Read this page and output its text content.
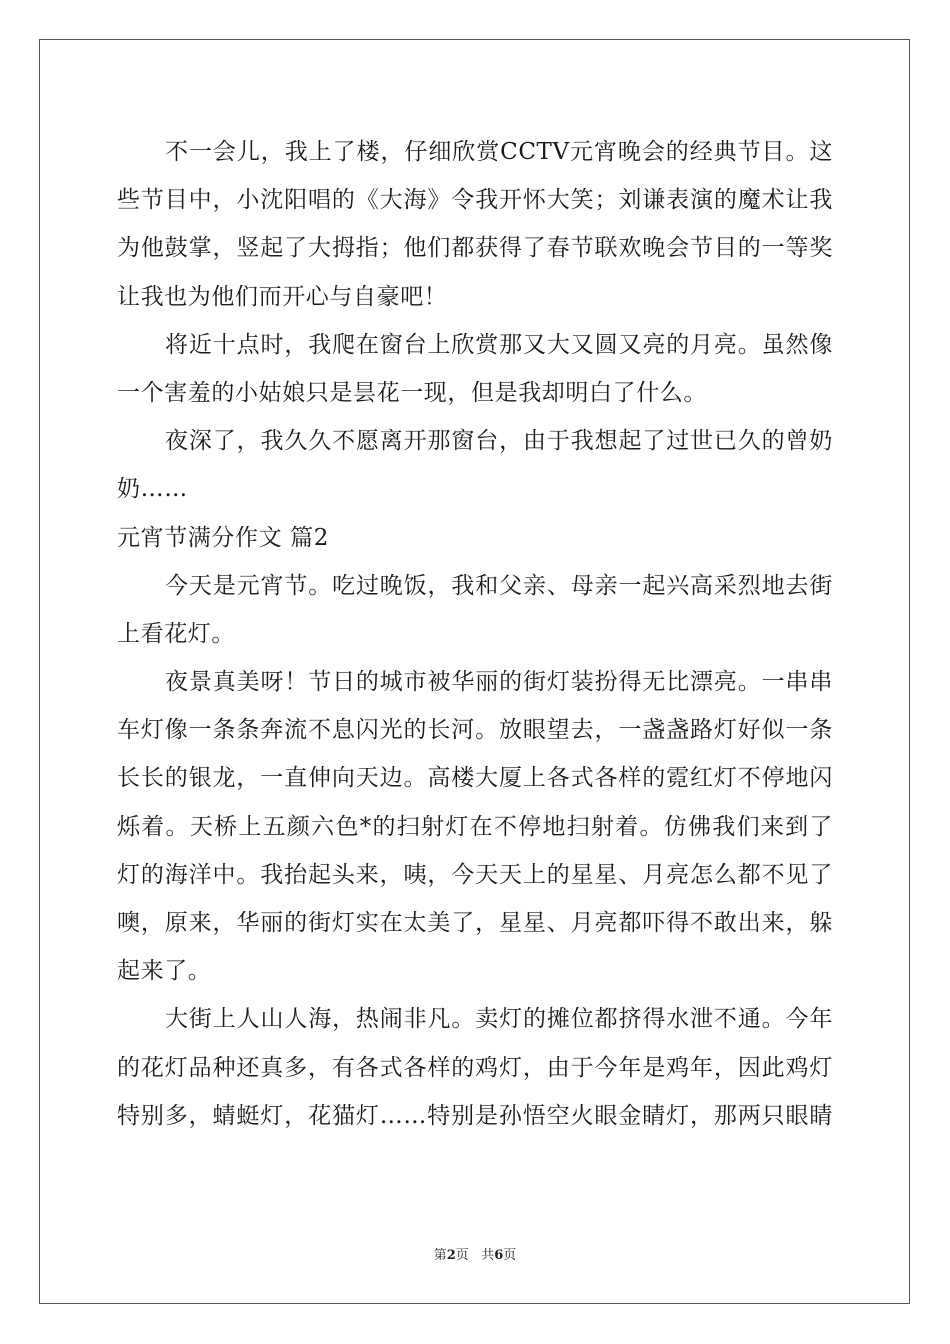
不一会儿，我上了楼，仔细欣赏CCTV元宵晚会的经典节目。这
些节目中，小沈阳唱的《大海》令我开怀大笑；刘谦表演的魔术让我
为他鼓掌，竖起了大拇指；他们都获得了春节联欢晚会节目的一等奖
让我也为他们而开心与自豪吧！
将近十点时，我爬在窗台上欣赏那又大又圆又亮的月亮。虽然像
一个害羞的小姑娘只是昙花一现，但是我却明白了什么。
夜深了，我久久不愿离开那窗台，由于我想起了过世已久的曾奶
奶……
元宵节满分作文 篇2
今天是元宵节。吃过晚饭，我和父亲、母亲一起兴高采烈地去街
上看花灯。
夜景真美呀！节日的城市被华丽的街灯装扮得无比漂亮。一串串
车灯像一条条奔流不息闪光的长河。放眼望去，一盏盏路灯好似一条
长长的银龙，一直伸向天边。高楼大厦上各式各样的霓红灯不停地闪
烁着。天桥上五颜六色*的扫射灯在不停地扫射着。仿佛我们来到了
灯的海洋中。我抬起头来，咦，今天天上的星星、月亮怎么都不见了
噢，原来，华丽的街灯实在太美了，星星、月亮都吓得不敢出来，躲
起来了。
大街上人山人海，热闹非凡。卖灯的摊位都挤得水泄不通。今年
的花灯品种还真多，有各式各样的鸡灯，由于今年是鸡年，因此鸡灯
特别多，蜻蜓灯，花猫灯……特别是孙悟空火眼金睛灯，那两只眼睛
第2页 共6页
